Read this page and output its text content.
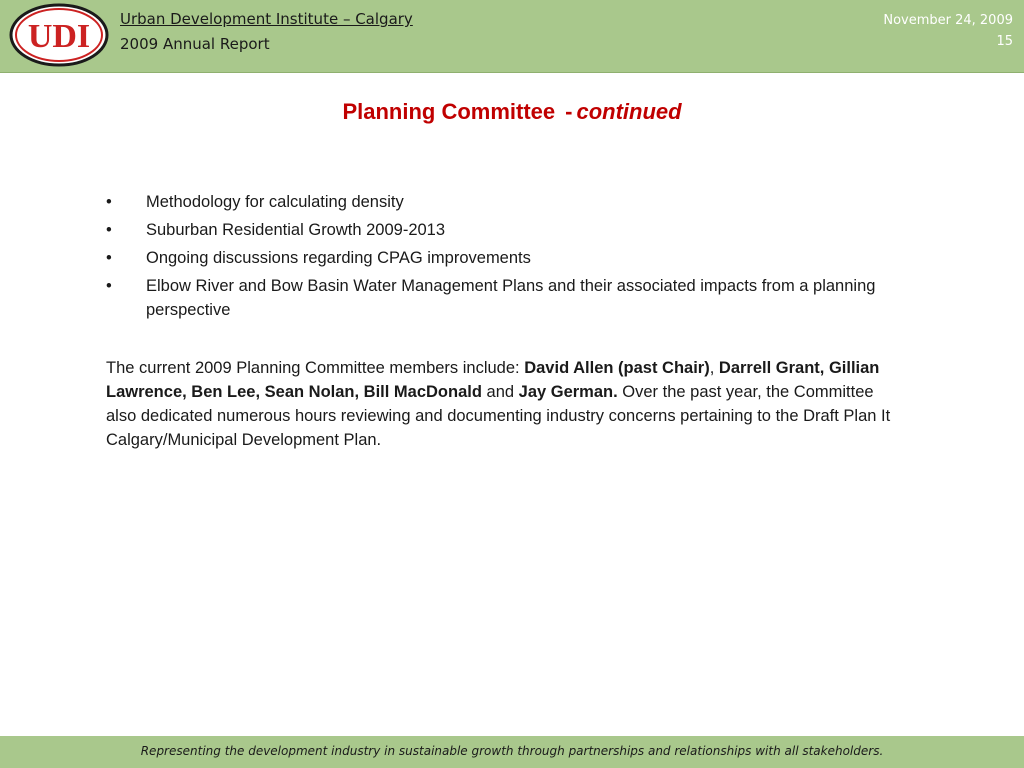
UDI Urban Development Institute – Calgary
2009 Annual Report
November 24, 2009
15
Planning Committee - continued
• Methodology for calculating density
• Suburban Residential Growth 2009-2013
• Ongoing discussions regarding CPAG improvements
• Elbow River and Bow Basin Water Management Plans and their associated impacts from a planning perspective

The current 2009 Planning Committee members include: David Allen (past Chair), Darrell Grant, Gillian Lawrence, Ben Lee, Sean Nolan, Bill MacDonald and Jay German. Over the past year, the Committee also dedicated numerous hours reviewing and documenting industry concerns pertaining to the Draft Plan It Calgary/Municipal Development Plan.

Representing the development industry in sustainable growth through partnerships and relationships with all stakeholders.
